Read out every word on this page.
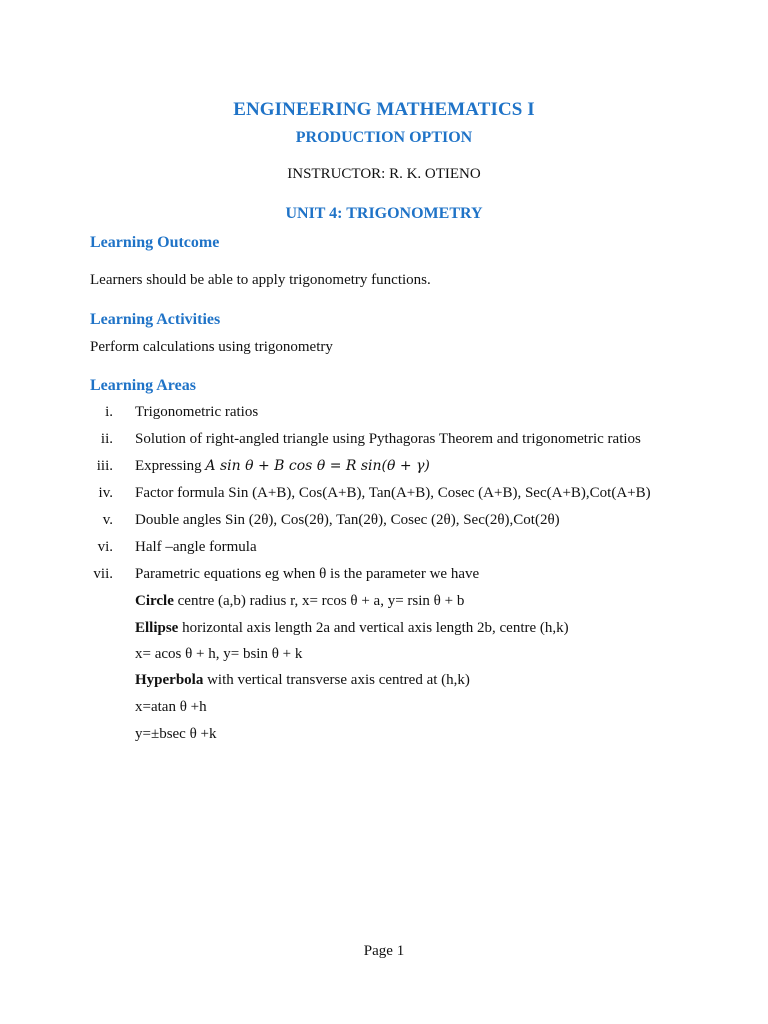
ENGINEERING MATHEMATICS I
PRODUCTION OPTION
INSTRUCTOR: R. K. OTIENO
UNIT 4: TRIGONOMETRY
Learning Outcome
Learners should be able to apply trigonometry functions.
Learning Activities
Perform calculations using trigonometry
Learning Areas
i. Trigonometric ratios
ii. Solution of right-angled triangle using Pythagoras Theorem and trigonometric ratios
iii. Expressing A sin θ + B cos θ = R sin(θ + γ)
iv. Factor formula Sin (A+B), Cos(A+B), Tan(A+B), Cosec (A+B), Sec(A+B),Cot(A+B)
v. Double angles Sin (2θ), Cos(2θ), Tan(2θ), Cosec (2θ), Sec(2θ),Cot(2θ)
vi. Half –angle formula
vii. Parametric equations eg when θ is the parameter we have
Circle centre (a,b) radius r, x= rcos θ + a, y= rsin θ + b
Ellipse horizontal axis length 2a and vertical axis length 2b, centre (h,k)
x= acos θ + h, y= bsin θ + k
Hyperbola with vertical transverse axis centred at (h,k)
x=atan θ +h
y=±bsec θ +k
Page 1
